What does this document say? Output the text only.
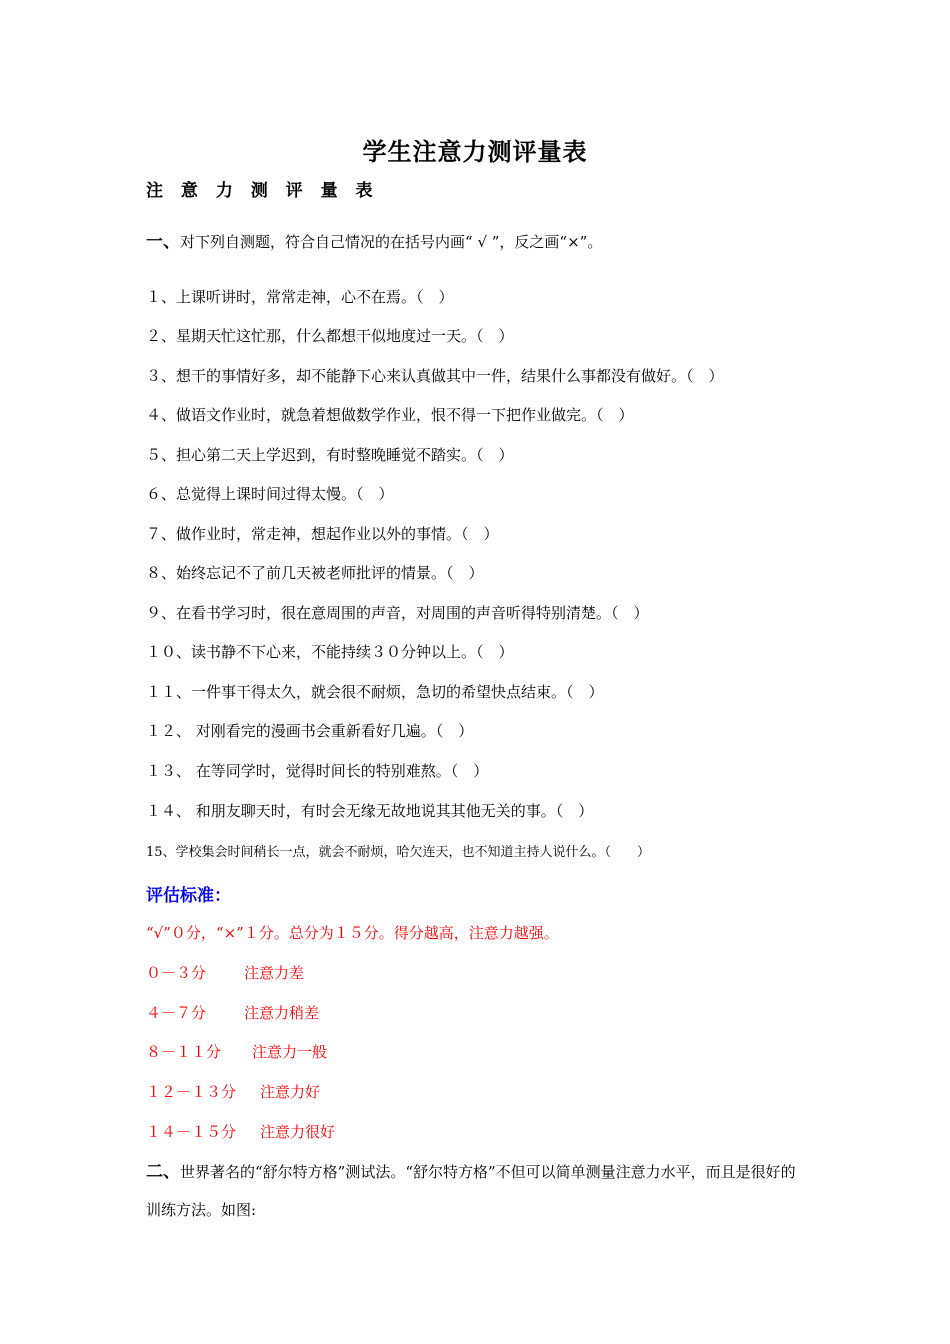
学生注意力测评量表
注 意 力 测 评 量 表
一、对下列自测题，符合自己情况的在括号内画“ √ ”，反之画“×”。
１、上课听讲时，常常走神，心不在焉。（　）
２、星期天忙这忙那，什么都想干似地度过一天。（　）
３、想干的事情好多，却不能静下心来认真做其中一件，结果什么事都没有做好。（　）
４、做语文作业时，就急着想做数学作业，恨不得一下把作业做完。（　）
５、担心第二天上学迟到，有时整晚睡觉不踏实。（　）
６、总觉得上课时间过得太慢。（　）
７、做作业时，常走神，想起作业以外的事情。（　）
８、始终忘记不了前几天被老师批评的情景。（　）
９、在看书学习时，很在意周围的声音，对周围的声音听得特别清楚。（　）
１０、读书静不下心来，不能持续３０分钟以上。（　）
１１、一件事干得太久，就会很不耐烦，急切的希望快点结束。（　）
１２、 对刚看完的漫画书会重新看好几遍。（　）
１３、 在等同学时，觉得时间长的特别难熬。（　）
１４、 和朋友聊天时，有时会无缘无故地说其其他无关的事。（　）
15、学校集会时间稍长一点，就会不耐烦，哈欠连天，也不知道主持人说什么。（　　）
评估标准：
“√”０分，“×”１分。总分为１５分。得分越高，注意力越强。
０－３分	注意力差
４－７分	注意力稍差
８－１１分 注意力一般
１２－１３分 注意力好
１４－１５分 注意力很好
二、世界著名的“舒尔特方格”测试法。“舒尔特方格”不但可以简单测量注意力水平，而且是很好的训练方法。如图:
